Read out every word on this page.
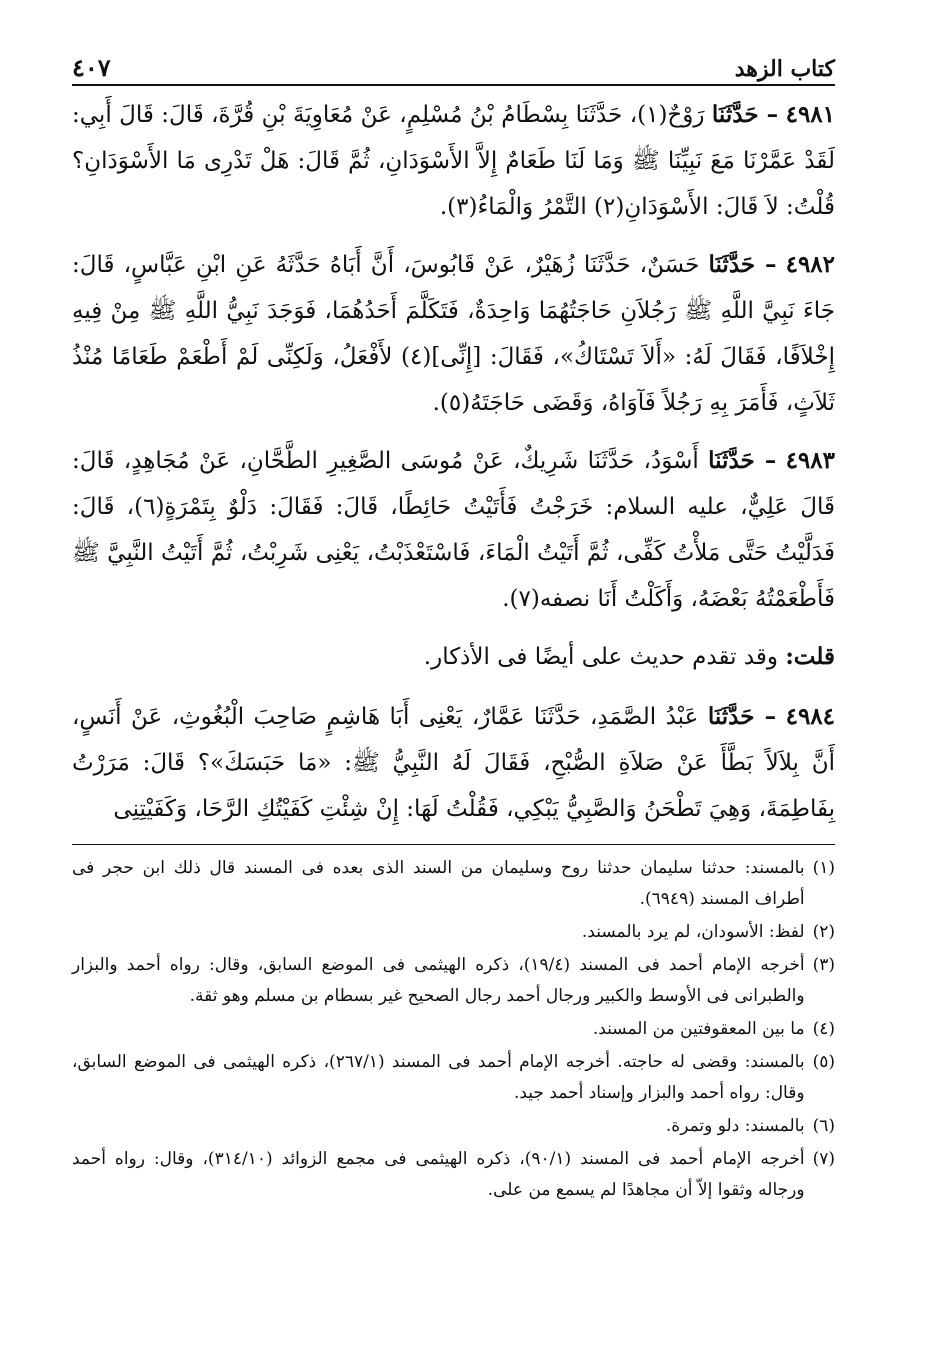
كتاب الزهد
٤٠٧

٤٩٨١ – حَدَّثَنَا رَوْحٌ(١)، حَدَّثَنَا بِسْطَامُ بْنُ مُسْلِمٍ، عَنْ مُعَاوِيَةَ بْنِ قُرَّةَ، قَالَ: قَالَ أَبِي: لَقَدْ عَمَّرْنَا مَعَ نَبِيِّنَا ﷺ وَمَا لَنَا طَعَامٌ إِلاَّ الأَسْوَدَانِ، ثُمَّ قَالَ: هَلْ تَدْرِى مَا الأَسْوَدَانِ؟ قُلْتُ: لاَ قَالَ: الأَسْوَدَانِ(٢) التَّمْرُ وَالْمَاءُ(٣).

٤٩٨٢ – حَدَّثَنَا حَسَنٌ، حَدَّثَنَا زُهَيْرٌ، عَنْ قَابُوسَ، أَنَّ أَبَاهُ حَدَّثَهُ عَنِ ابْنِ عَبَّاسٍ، قَالَ: جَاءَ نَبِيَّ اللَّهِ ﷺ رَجُلاَنِ حَاجَتُهُمَا وَاحِدَةٌ، فَتَكَلَّمَ أَحَدُهُمَا، فَوَجَدَ نَبِيُّ اللَّهِ ﷺ مِنْ فِيهِ إِخْلاَفًا، فَقَالَ لَهُ: «أَلاَ تَسْتَاكُ»، فَقَالَ: [إِنِّى](٤) لأَفْعَلُ، وَلَكِنِّى لَمْ أَطْعَمْ طَعَامًا مُنْذُ ثَلاَثٍ، فَأَمَرَ بِهِ رَجُلاً فَآوَاهُ، وَقَضَى حَاجَتَهُ(٥).

٤٩٨٣ – حَدَّثَنَا أَسْوَدُ، حَدَّثَنَا شَرِيكٌ، عَنْ مُوسَى الصَّغِيرِ الطَّحَّانِ، عَنْ مُجَاهِدٍ، قَالَ: قَالَ عَلِيٌّ، عليه السلام: خَرَجْتُ فَأَتَيْتُ حَائِطًا، قَالَ: فَقَالَ: دَلْوٌ بِتَمْرَةٍ(٦)، قَالَ: فَدَلَّيْتُ حَتَّى مَلأْتُ كَفِّى، ثُمَّ أَتَيْتُ الْمَاءَ، فَاسْتَعْذَبْتُ، يَعْنِى شَرِبْتُ، ثُمَّ أَتَيْتُ النَّبِيَّ ﷺ فَأَطْعَمْتُهُ بَعْضَهُ، وَأَكَلْتُ أَنَا نصفه(٧).

قلت: وقد تقدم حديث على أيضًا فى الأذكار.

٤٩٨٤ – حَدَّثَنَا عَبْدُ الصَّمَدِ، حَدَّثَنَا عَمَّارٌ، يَعْنِى أَبَا هَاشِمٍ صَاحِبَ الْبُغُوثِ، عَنْ أَنَسٍ، أَنَّ بِلاَلاً بَطَّأَ عَنْ صَلاَةِ الصُّبْحِ، فَقَالَ لَهُ النَّبِيُّ ﷺ: «مَا حَبَسَكَ»؟ قَالَ: مَرَرْتُ بِفَاطِمَةَ، وَهِيَ تَطْحَنُ وَالصَّبِيُّ يَبْكِي، فَقُلْتُ لَهَا: إِنْ شِئْتِ كَفَيْتُكِ الرَّحَا، وَكَفَيْتِنِى

(١)
بالمسند: حدثنا سليمان حدثنا روح وسليمان من السند الذى بعده فى المسند قال ذلك ابن حجر فى أطراف المسند (٦٩٤٩).
(٢)
لفظ: الأسودان، لم يرد بالمسند.
(٣)
أخرجه الإمام أحمد فى المسند (١٩/٤)، ذكره الهيثمى فى الموضع السابق، وقال: رواه أحمد والبزار والطبرانى فى الأوسط والكبير ورجال أحمد رجال الصحيح غير بسطام بن مسلم وهو ثقة.
(٤)
ما بين المعقوفتين من المسند.
(٥)
بالمسند: وقضى له حاجته. أخرجه الإمام أحمد فى المسند (٢٦٧/١)، ذكره الهيثمى فى الموضع السابق، وقال: رواه أحمد والبزار وإسناد أحمد جيد.
(٦)
بالمسند: دلو وتمرة.
(٧)
أخرجه الإمام أحمد فى المسند (٩٠/١)، ذكره الهيثمى فى مجمع الزوائد (٣١٤/١٠)، وقال: رواه أحمد ورجاله وثقوا إلاّ أن مجاهدًا لم يسمع من على.
